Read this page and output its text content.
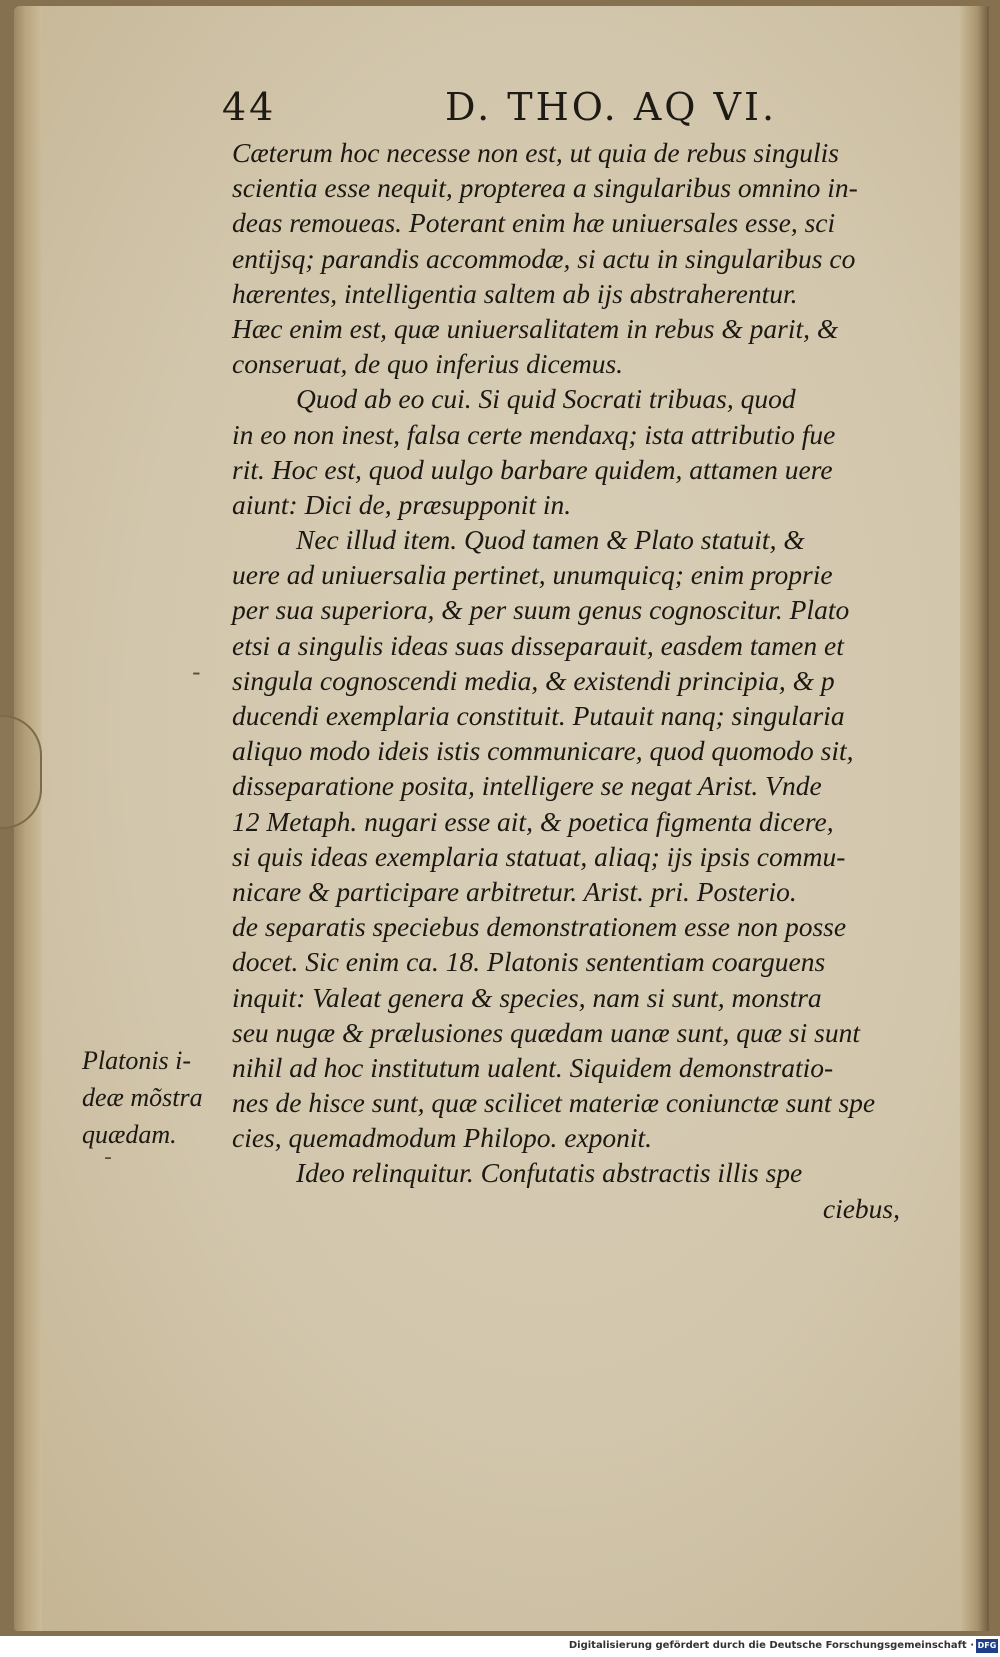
44	D. THO. AQ VI.
Cæterum hoc necesse non est, ut quia de rebus singulis
scientia esse nequit, propterea a singularibus omnino in-
deas remoueas. Poterant enim hæ uniuersales esse, sci
entijsq; parandis accommodæ, si actu in singularibus co
hærentes, intelligentia saltem ab ijs abstraherentur.
Hæc enim est, quæ uniuersalitatem in rebus & parit, &
conseruat, de quo inferius dicemus.
Quod ab eo cui. Si quid Socrati tribuas, quod
in eo non inest, falsa certe mendaxq; ista attributio fue
rit. Hoc est, quod uulgo barbare quidem, attamen uere
aiunt: Dici de, præsupponit in.
Nec illud item. Quod tamen & Plato statuit, &
uere ad uniuersalia pertinet, unumquicq; enim proprie
per sua superiora, & per suum genus cognoscitur. Plato
etsi a singulis ideas suas disseparauit, easdem tamen et
singula cognoscendi media, & existendi principia, & p
ducendi exemplaria constituit. Putauit nanq; singularia
aliquo modo ideis istis communicare, quod quomodo sit,
disseparatione posita, intelligere se negat Arist. Vnde
12 Metaph. nugari esse ait, & poetica figmenta dicere,
si quis ideas exemplaria statuat, aliaq; ijs ipsis commu-
nicare & participare arbitretur. Arist. pri. Posterio.
de separatis speciebus demonstrationem esse non posse
docet. Sic enim ca. 18. Platonis sententiam coarguens
inquit: Valeat genera & species, nam si sunt, monstra
seu nugæ & prælusiones quædam uanæ sunt, quæ si sunt
nihil ad hoc institutum ualent. Siquidem demonstratio-
nes de hisce sunt, quæ scilicet materiæ coniunctæ sunt spe
cies, quemadmodum Philopo. exponit.
Ideo relinquitur. Confutatis abstractis illis spe
ciebus,
Platonis i-
deæ mõstra
quædam.
-
-
Digitalisierung gefördert durch die Deutsche Forschungsgemeinschaft · DFG
